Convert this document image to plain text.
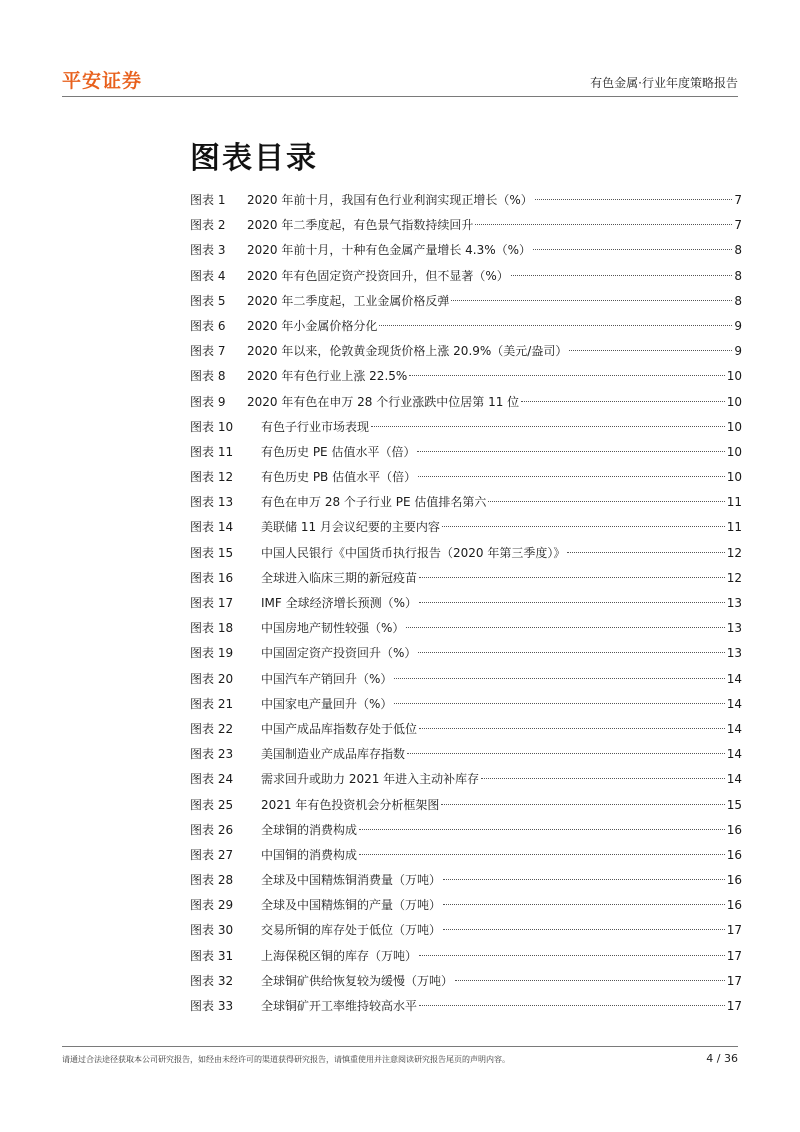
平安证券	有色金属·行业年度策略报告
图表目录
图表 1	2020 年前十月，我国有色行业利润实现正增长（%）	7
图表 2	2020 年二季度起，有色景气指数持续回升	7
图表 3	2020 年前十月，十种有色金属产量增长 4.3%（%）	8
图表 4	2020 年有色固定资产投资回升，但不显著（%）	8
图表 5	2020 年二季度起，工业金属价格反弹	8
图表 6	2020 年小金属价格分化	9
图表 7	2020 年以来，伦敦黄金现货价格上涨 20.9%（美元/盎司）	9
图表 8	2020 年有色行业上涨 22.5%	10
图表 9	2020 年有色在申万 28 个行业涨跌中位居第 11 位	10
图表 10	有色子行业市场表现	10
图表 11	有色历史 PE 估值水平（倍）	10
图表 12	有色历史 PB 估值水平（倍）	10
图表 13	有色在申万 28 个子行业 PE 估值排名第六	11
图表 14	美联储 11 月会议纪要的主要内容	11
图表 15	中国人民银行《中国货币执行报告（2020 年第三季度）》	12
图表 16	全球进入临床三期的新冠疫苗	12
图表 17	IMF 全球经济增长预测（%）	13
图表 18	中国房地产韧性较强（%）	13
图表 19	中国固定资产投资回升（%）	13
图表 20	中国汽车产销回升（%）	14
图表 21	中国家电产量回升（%）	14
图表 22	中国产成品库指数存处于低位	14
图表 23	美国制造业产成品库存指数	14
图表 24	需求回升或助力 2021 年进入主动补库存	14
图表 25	2021 年有色投资机会分析框架图	15
图表 26	全球铜的消费构成	16
图表 27	中国铜的消费构成	16
图表 28	全球及中国精炼铜消费量（万吨）	16
图表 29	全球及中国精炼铜的产量（万吨）	16
图表 30	交易所铜的库存处于低位（万吨）	17
图表 31	上海保税区铜的库存（万吨）	17
图表 32	全球铜矿供给恢复较为缓慢（万吨）	17
图表 33	全球铜矿开工率维持较高水平	17
请通过合法途径获取本公司研究报告，如经由未经许可的渠道获得研究报告，请慎重使用并注意阅读研究报告尾页的声明内容。	4 / 36
